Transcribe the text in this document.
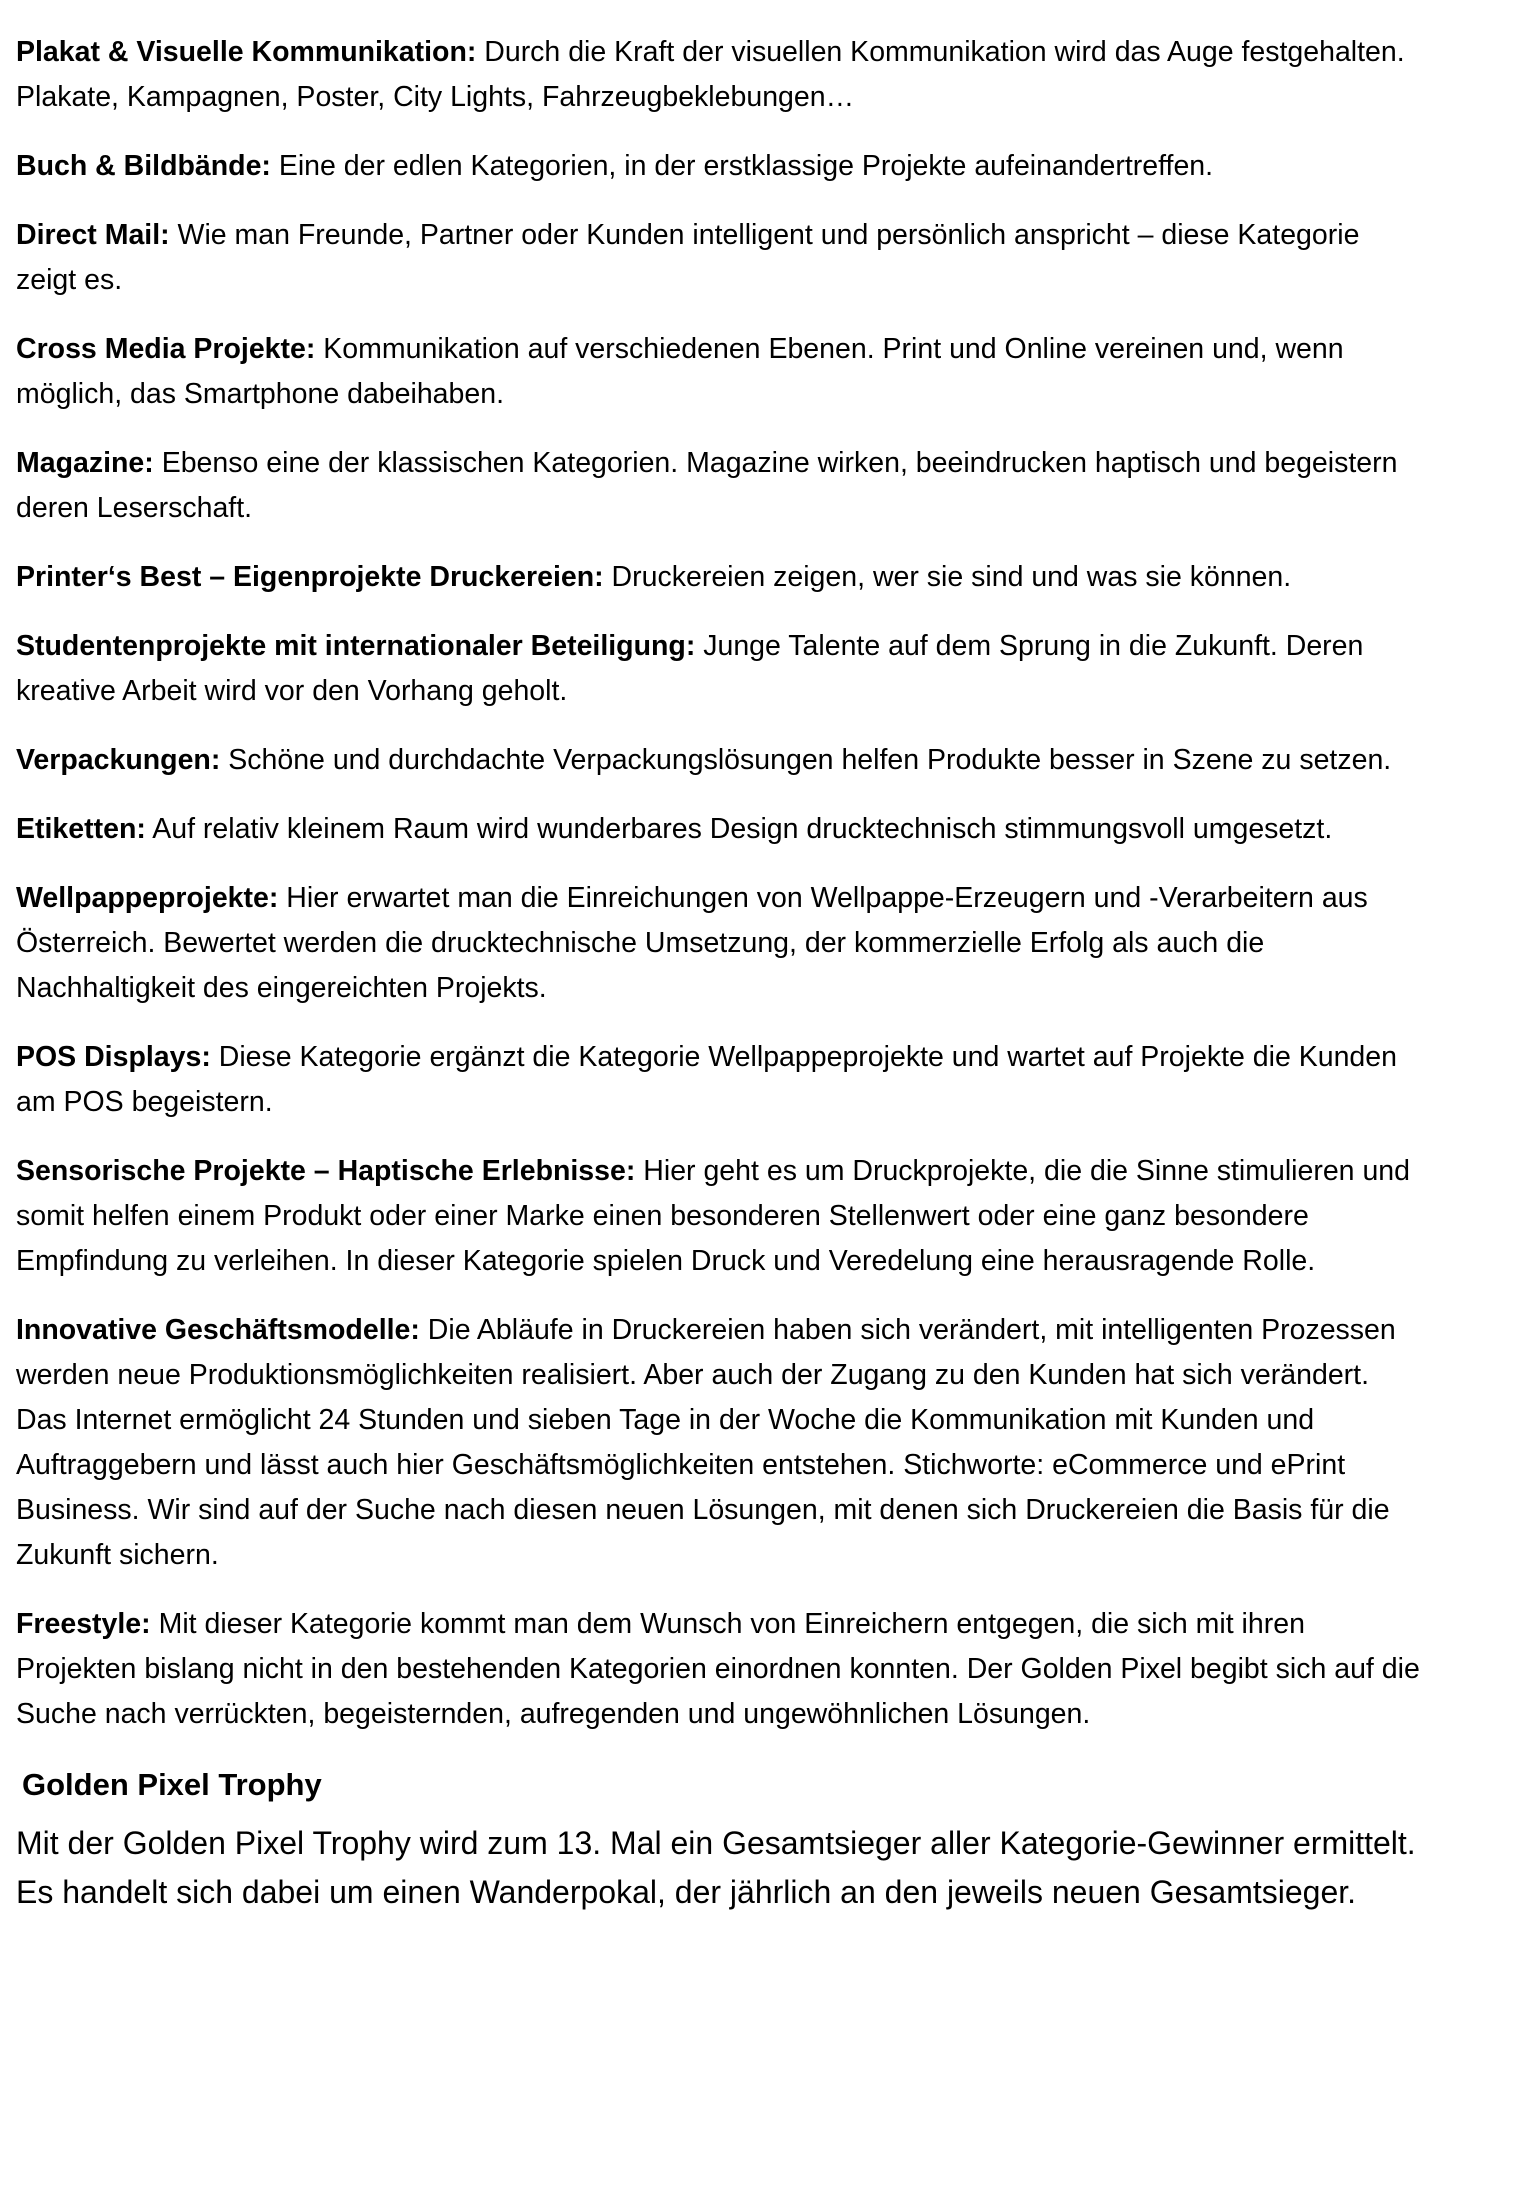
Plakat & Visuelle Kommunikation: Durch die Kraft der visuellen Kommunikation wird das Auge festgehalten. Plakate, Kampagnen, Poster, City Lights, Fahrzeugbeklebungen…

Buch & Bildbände: Eine der edlen Kategorien, in der erstklassige Projekte aufeinandertreffen.

Direct Mail: Wie man Freunde, Partner oder Kunden intelligent und persönlich anspricht – diese Kategorie zeigt es.

Cross Media Projekte: Kommunikation auf verschiedenen Ebenen. Print und Online vereinen und, wenn möglich, das Smartphone dabeihaben.

Magazine: Ebenso eine der klassischen Kategorien. Magazine wirken, beeindrucken haptisch und begeistern deren Leserschaft.

Printer‘s Best – Eigenprojekte Druckereien: Druckereien zeigen, wer sie sind und was sie können.

Studentenprojekte mit internationaler Beteiligung: Junge Talente auf dem Sprung in die Zukunft. Deren kreative Arbeit wird vor den Vorhang geholt.

Verpackungen: Schöne und durchdachte Verpackungslösungen helfen Produkte besser in Szene zu setzen.

Etiketten: Auf relativ kleinem Raum wird wunderbares Design drucktechnisch stimmungsvoll umgesetzt.

Wellpappeprojekte: Hier erwartet man die Einreichungen von Wellpappe-Erzeugern und -Verarbeitern aus Österreich. Bewertet werden die drucktechnische Umsetzung, der kommerzielle Erfolg als auch die Nachhaltigkeit des eingereichten Projekts.

POS Displays: Diese Kategorie ergänzt die Kategorie Wellpappeprojekte und wartet auf Projekte die Kunden am POS begeistern.

Sensorische Projekte – Haptische Erlebnisse: Hier geht es um Druckprojekte, die die Sinne stimulieren und somit helfen einem Produkt oder einer Marke einen besonderen Stellenwert oder eine ganz besondere Empfindung zu verleihen. In dieser Kategorie spielen Druck und Veredelung eine herausragende Rolle.

Innovative Geschäftsmodelle: Die Abläufe in Druckereien haben sich verändert, mit intelligenten Prozessen werden neue Produktionsmöglichkeiten realisiert. Aber auch der Zugang zu den Kunden hat sich verändert. Das Internet ermöglicht 24 Stunden und sieben Tage in der Woche die Kommunikation mit Kunden und Auftraggebern und lässt auch hier Geschäftsmöglichkeiten entstehen. Stichworte: eCommerce und ePrint Business. Wir sind auf der Suche nach diesen neuen Lösungen, mit denen sich Druckereien die Basis für die Zukunft sichern.

Freestyle: Mit dieser Kategorie kommt man dem Wunsch von Einreichern entgegen, die sich mit ihren Projekten bislang nicht in den bestehenden Kategorien einordnen konnten. Der Golden Pixel begibt sich auf die Suche nach verrückten, begeisternden, aufregenden und ungewöhnlichen Lösungen.

Golden Pixel Trophy

Mit der Golden Pixel Trophy wird zum 13. Mal ein Gesamtsieger aller Kategorie-Gewinner ermittelt. Es handelt sich dabei um einen Wanderpokal, der jährlich an den jeweils neuen Gesamtsieger.
